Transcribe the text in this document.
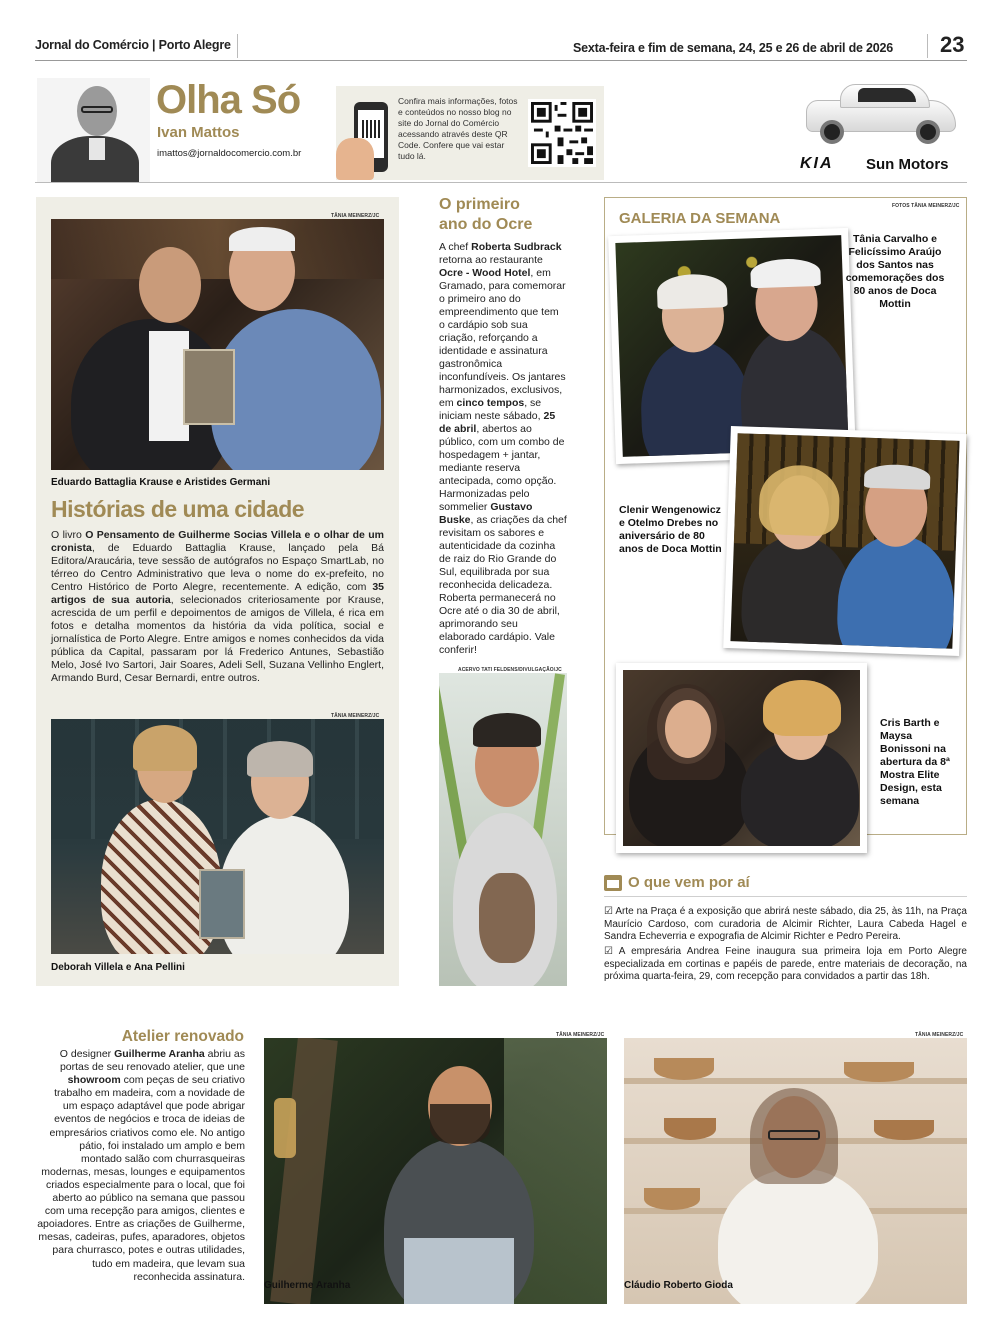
Jornal do Comércio | Porto Alegre	Sexta-feira e fim de semana, 24, 25 e 26 de abril de 2026 23
Olha Só
Ivan Mattos
imattos@jornaldocomercio.com.br
Confira mais informações, fotos e conteúdos no nosso blog no site do Jornal do Comércio acessando através deste QR Code. Confere que vai estar tudo lá.	KIA Sun Motors
TÂNIA MEINERZ/JC
Eduardo Battaglia Krause e Aristides Germani
Histórias de uma cidade
O livro O Pensamento de Guilherme Socias Villela e o olhar de um cronista, de Eduardo Battaglia Krause, lançado pela Bá Editora/Araucária, teve sessão de autógrafos no Espaço SmartLab, no térreo do Centro Administrativo que leva o nome do ex-prefeito, no Centro Histórico de Porto Alegre, recentemente. A edição, com 35 artigos de sua autoria, selecionados criteriosamente por Krause, acrescida de um perfil e depoimentos de amigos de Villela, é rica em fotos e detalha momentos da história da vida política, social e jornalística de Porto Alegre. Entre amigos e nomes conhecidos da vida pública da Capital, passaram por lá Frederico Antunes, Sebastião Melo, José Ivo Sartori, Jair Soares, Adeli Sell, Suzana Vellinho Englert, Armando Burd, Cesar Bernardi, entre outros.
TÂNIA MEINERZ/JC
Deborah Villela e Ana Pellini
O primeiro
ano do Ocre
A chef Roberta Sudbrack retorna ao restaurante Ocre - Wood Hotel, em Gramado, para comemorar o primeiro ano do empreendimento que tem o cardápio sob sua criação, reforçando a identidade e assinatura gastronômica inconfundíveis. Os jantares harmonizados, exclusivos, em cinco tempos, se iniciam neste sábado, 25 de abril, abertos ao público, com um combo de hospedagem + jantar, mediante reserva antecipada, como opção. Harmonizadas pelo sommelier Gustavo Buske, as criações da chef revisitam os sabores e autenticidade da cozinha de raiz do Rio Grande do Sul, equilibrada por sua reconhecida delicadeza. Roberta permanecerá no Ocre até o dia 30 de abril, aprimorando seu elaborado cardápio. Vale conferir!
ACERVO TATI FELDENS/DIVULGAÇÃO/JC
GALERIA DA SEMANA
FOTOS TÂNIA MEINERZ/JC
Tânia Carvalho e Felicíssimo Araújo dos Santos nas comemorações dos 80 anos de Doca Mottin
Clenir Wengenowicz e Otelmo Drebes no aniversário de 80 anos de Doca Mottin
Cris Barth e Maysa Bonissoni na abertura da 8ª Mostra Elite Design, esta semana
O que vem por aí
☑ Arte na Praça é a exposição que abrirá neste sábado, dia 25, às 11h, na Praça Maurício Cardoso, com curadoria de Alcimir Richter, Laura Cabeda Hagel e Sandra Echeverria e expografia de Alcimir Richter e Pedro Pereira.
☑ A empresária Andrea Feine inaugura sua primeira loja em Porto Alegre especializada em cortinas e papéis de parede, entre materiais de decoração, na próxima quarta-feira, 29, com recepção para convidados a partir das 18h.
Atelier renovado
O designer Guilherme Aranha abriu as portas de seu renovado atelier, que une showroom com peças de seu criativo trabalho em madeira, com a novidade de um espaço adaptável que pode abrigar eventos de negócios e troca de ideias de empresários criativos como ele. No antigo pátio, foi instalado um amplo e bem montado salão com churrasqueiras modernas, mesas, lounges e equipamentos criados especialmente para o local, que foi aberto ao público na semana que passou com uma recepção para amigos, clientes e apoiadores. Entre as criações de Guilherme, mesas, cadeiras, pufes, aparadores, objetos para churrasco, potes e outras utilidades, tudo em madeira, que levam sua reconhecida assinatura.
TÂNIA MEINERZ/JC
Guilherme Aranha
TÂNIA MEINERZ/JC
Cláudio Roberto Gioda
